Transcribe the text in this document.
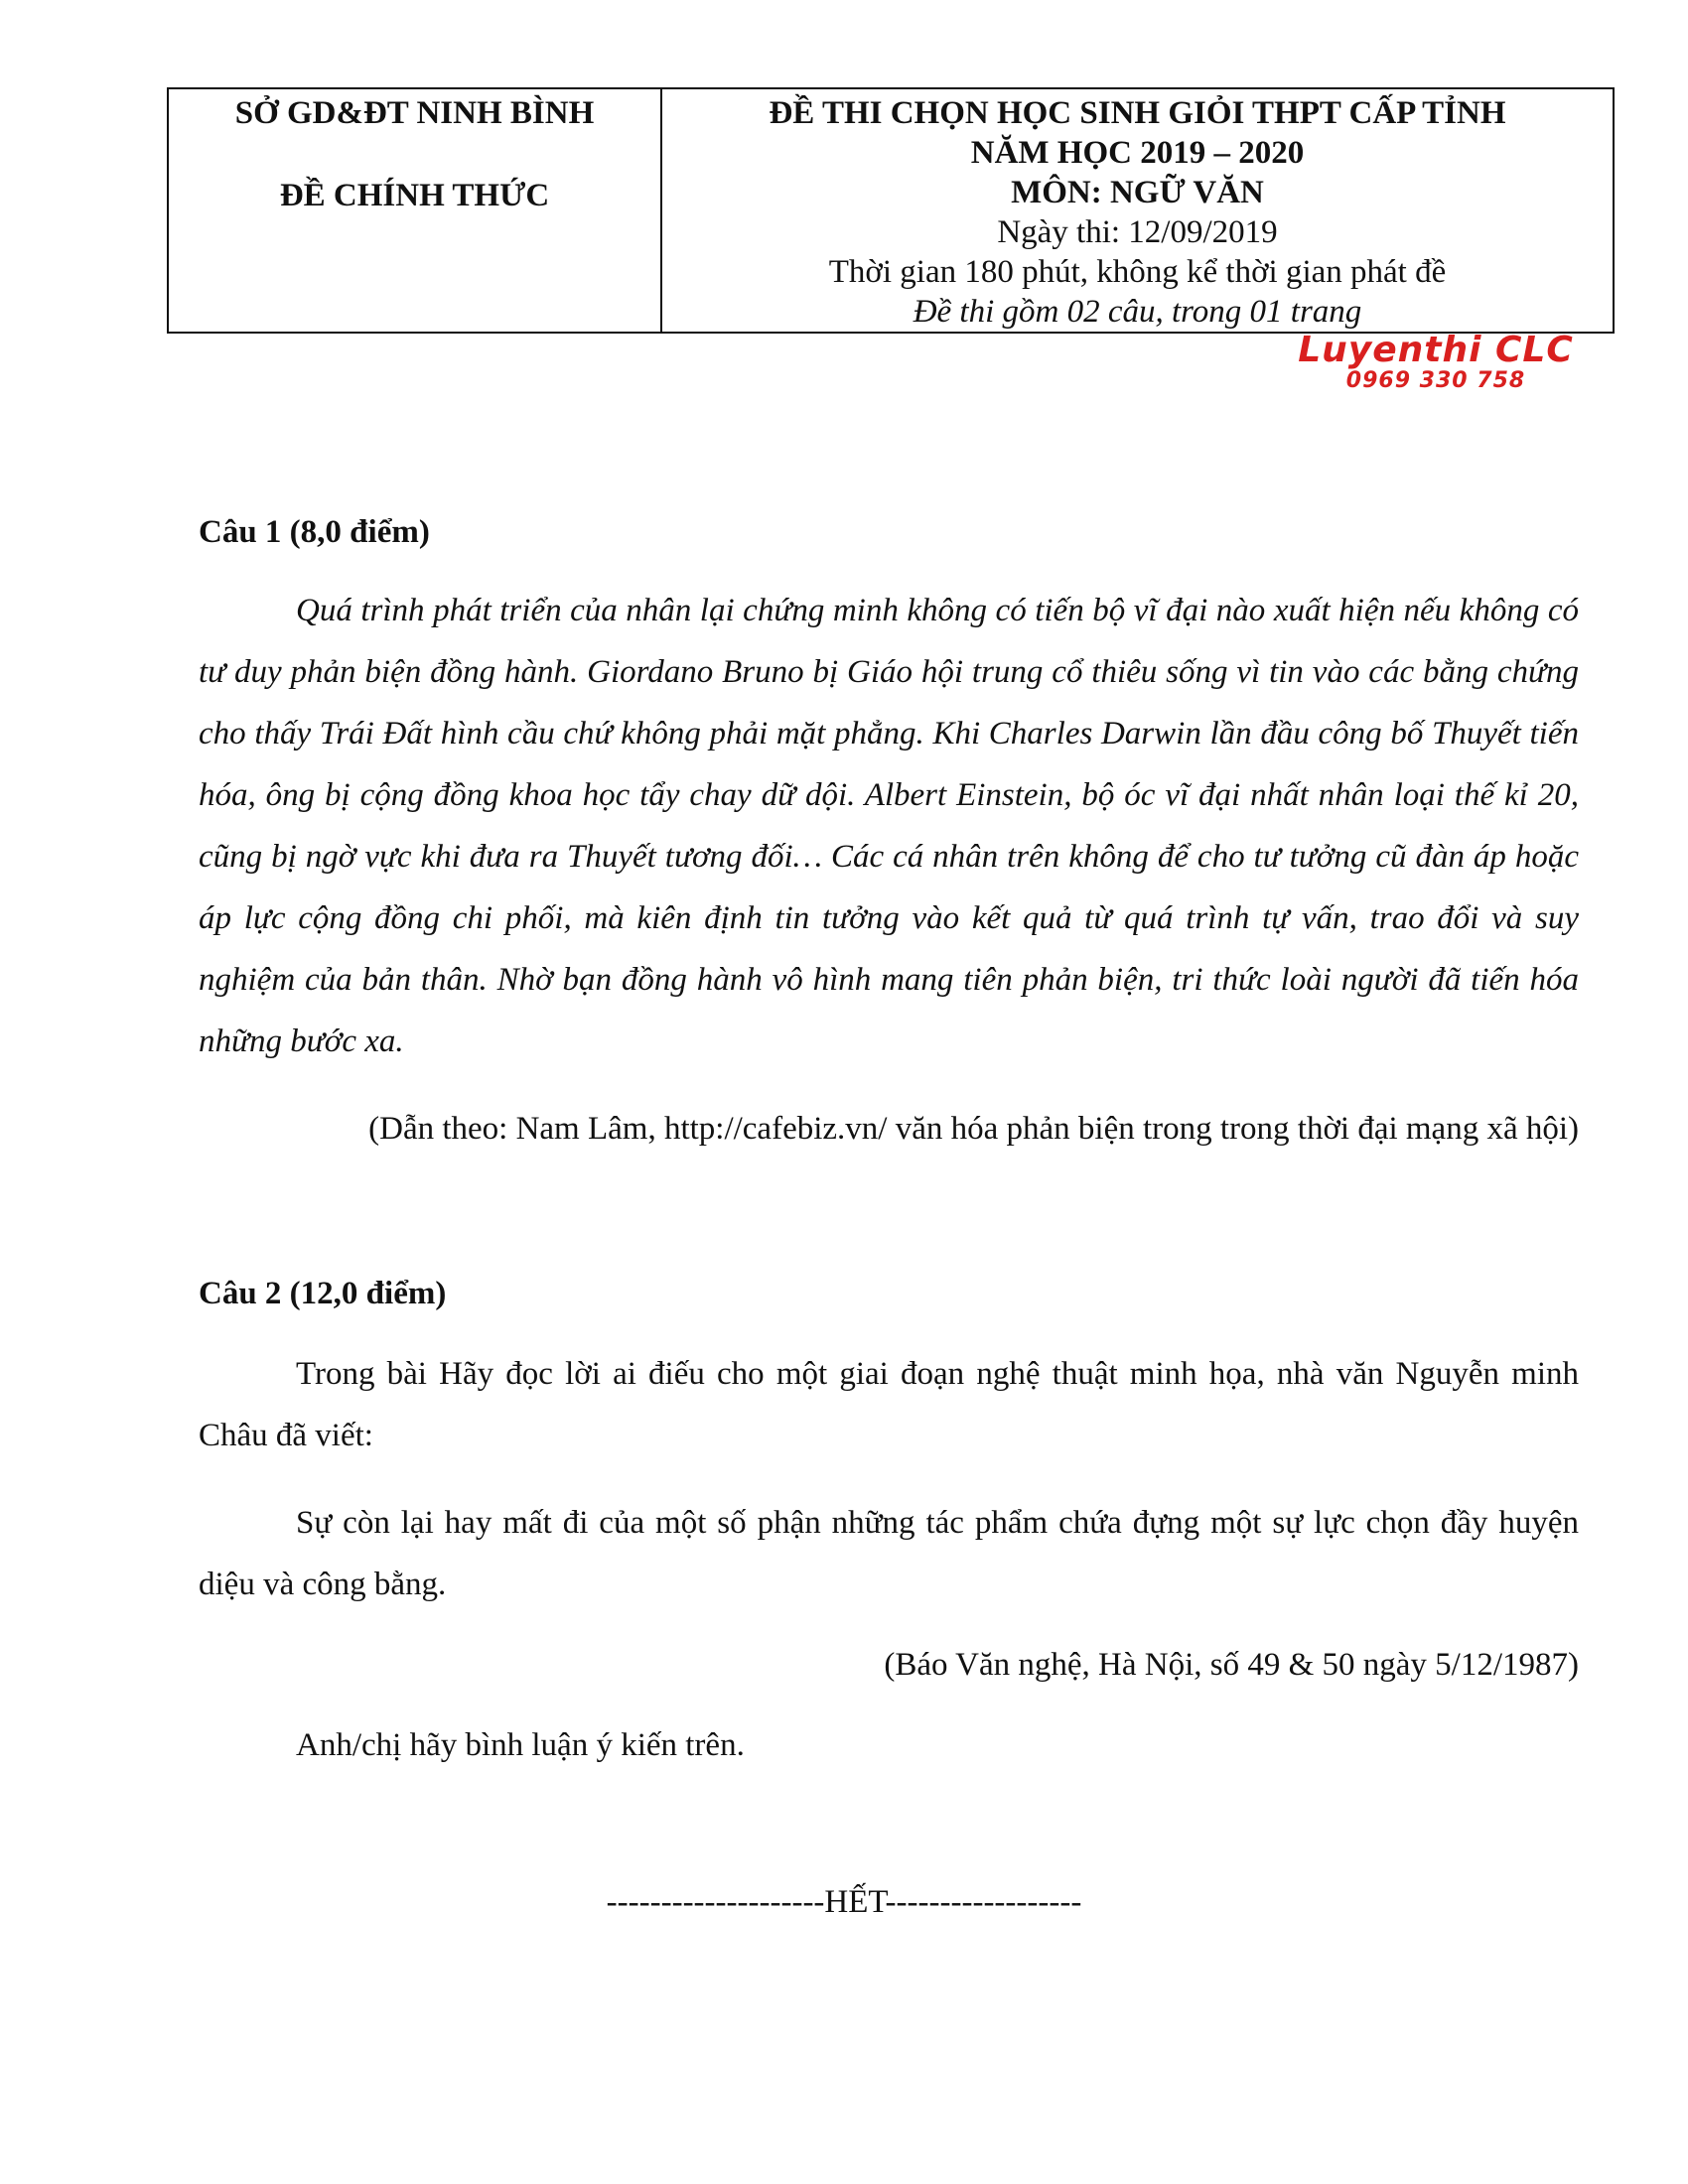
SỞ GD&ĐT NINH BÌNH
ĐỀ CHÍNH THỨC
ĐỀ THI CHỌN HỌC SINH GIỎI THPT CẤP TỈNH
NĂM HỌC 2019 – 2020
MÔN: NGỮ VĂN
Ngày thi: 12/09/2019
Thời gian 180 phút, không kể thời gian phát đề
Đề thi gồm 02 câu, trong 01 trang
Luyenthi CLC
0969 330 758
Câu 1 (8,0 điểm)
Quá trình phát triển của nhân lại chứng minh không có tiến bộ vĩ đại nào xuất hiện nếu không có tư duy phản biện đồng hành. Giordano Bruno bị Giáo hội trung cổ thiêu sống vì tin vào các bằng chứng cho thấy Trái Đất hình cầu chứ không phải mặt phẳng. Khi Charles Darwin lần đầu công bố Thuyết tiến hóa, ông bị cộng đồng khoa học tẩy chay dữ dội. Albert Einstein, bộ óc vĩ đại nhất nhân loại thế kỉ 20, cũng bị ngờ vực khi đưa ra Thuyết tương đối… Các cá nhân trên không để cho tư tưởng cũ đàn áp hoặc áp lực cộng đồng chi phối, mà kiên định tin tưởng vào kết quả từ quá trình tự vấn, trao đổi và suy nghiệm của bản thân. Nhờ bạn đồng hành vô hình mang tiên phản biện, tri thức loài người đã tiến hóa những bước xa.
(Dẫn theo: Nam Lâm, http://cafebiz.vn/ văn hóa phản biện trong trong thời đại mạng xã hội)
Câu 2 (12,0 điểm)
Trong bài Hãy đọc lời ai điếu cho một giai đoạn nghệ thuật minh họa, nhà văn Nguyễn minh Châu đã viết:
Sự còn lại hay mất đi của một số phận những tác phẩm chứa đựng một sự lực chọn đầy huyện diệu và công bằng.
(Báo Văn nghệ, Hà Nội, số 49 & 50 ngày 5/12/1987)
Anh/chị hãy bình luận ý kiến trên.
--------------------HẾT------------------
